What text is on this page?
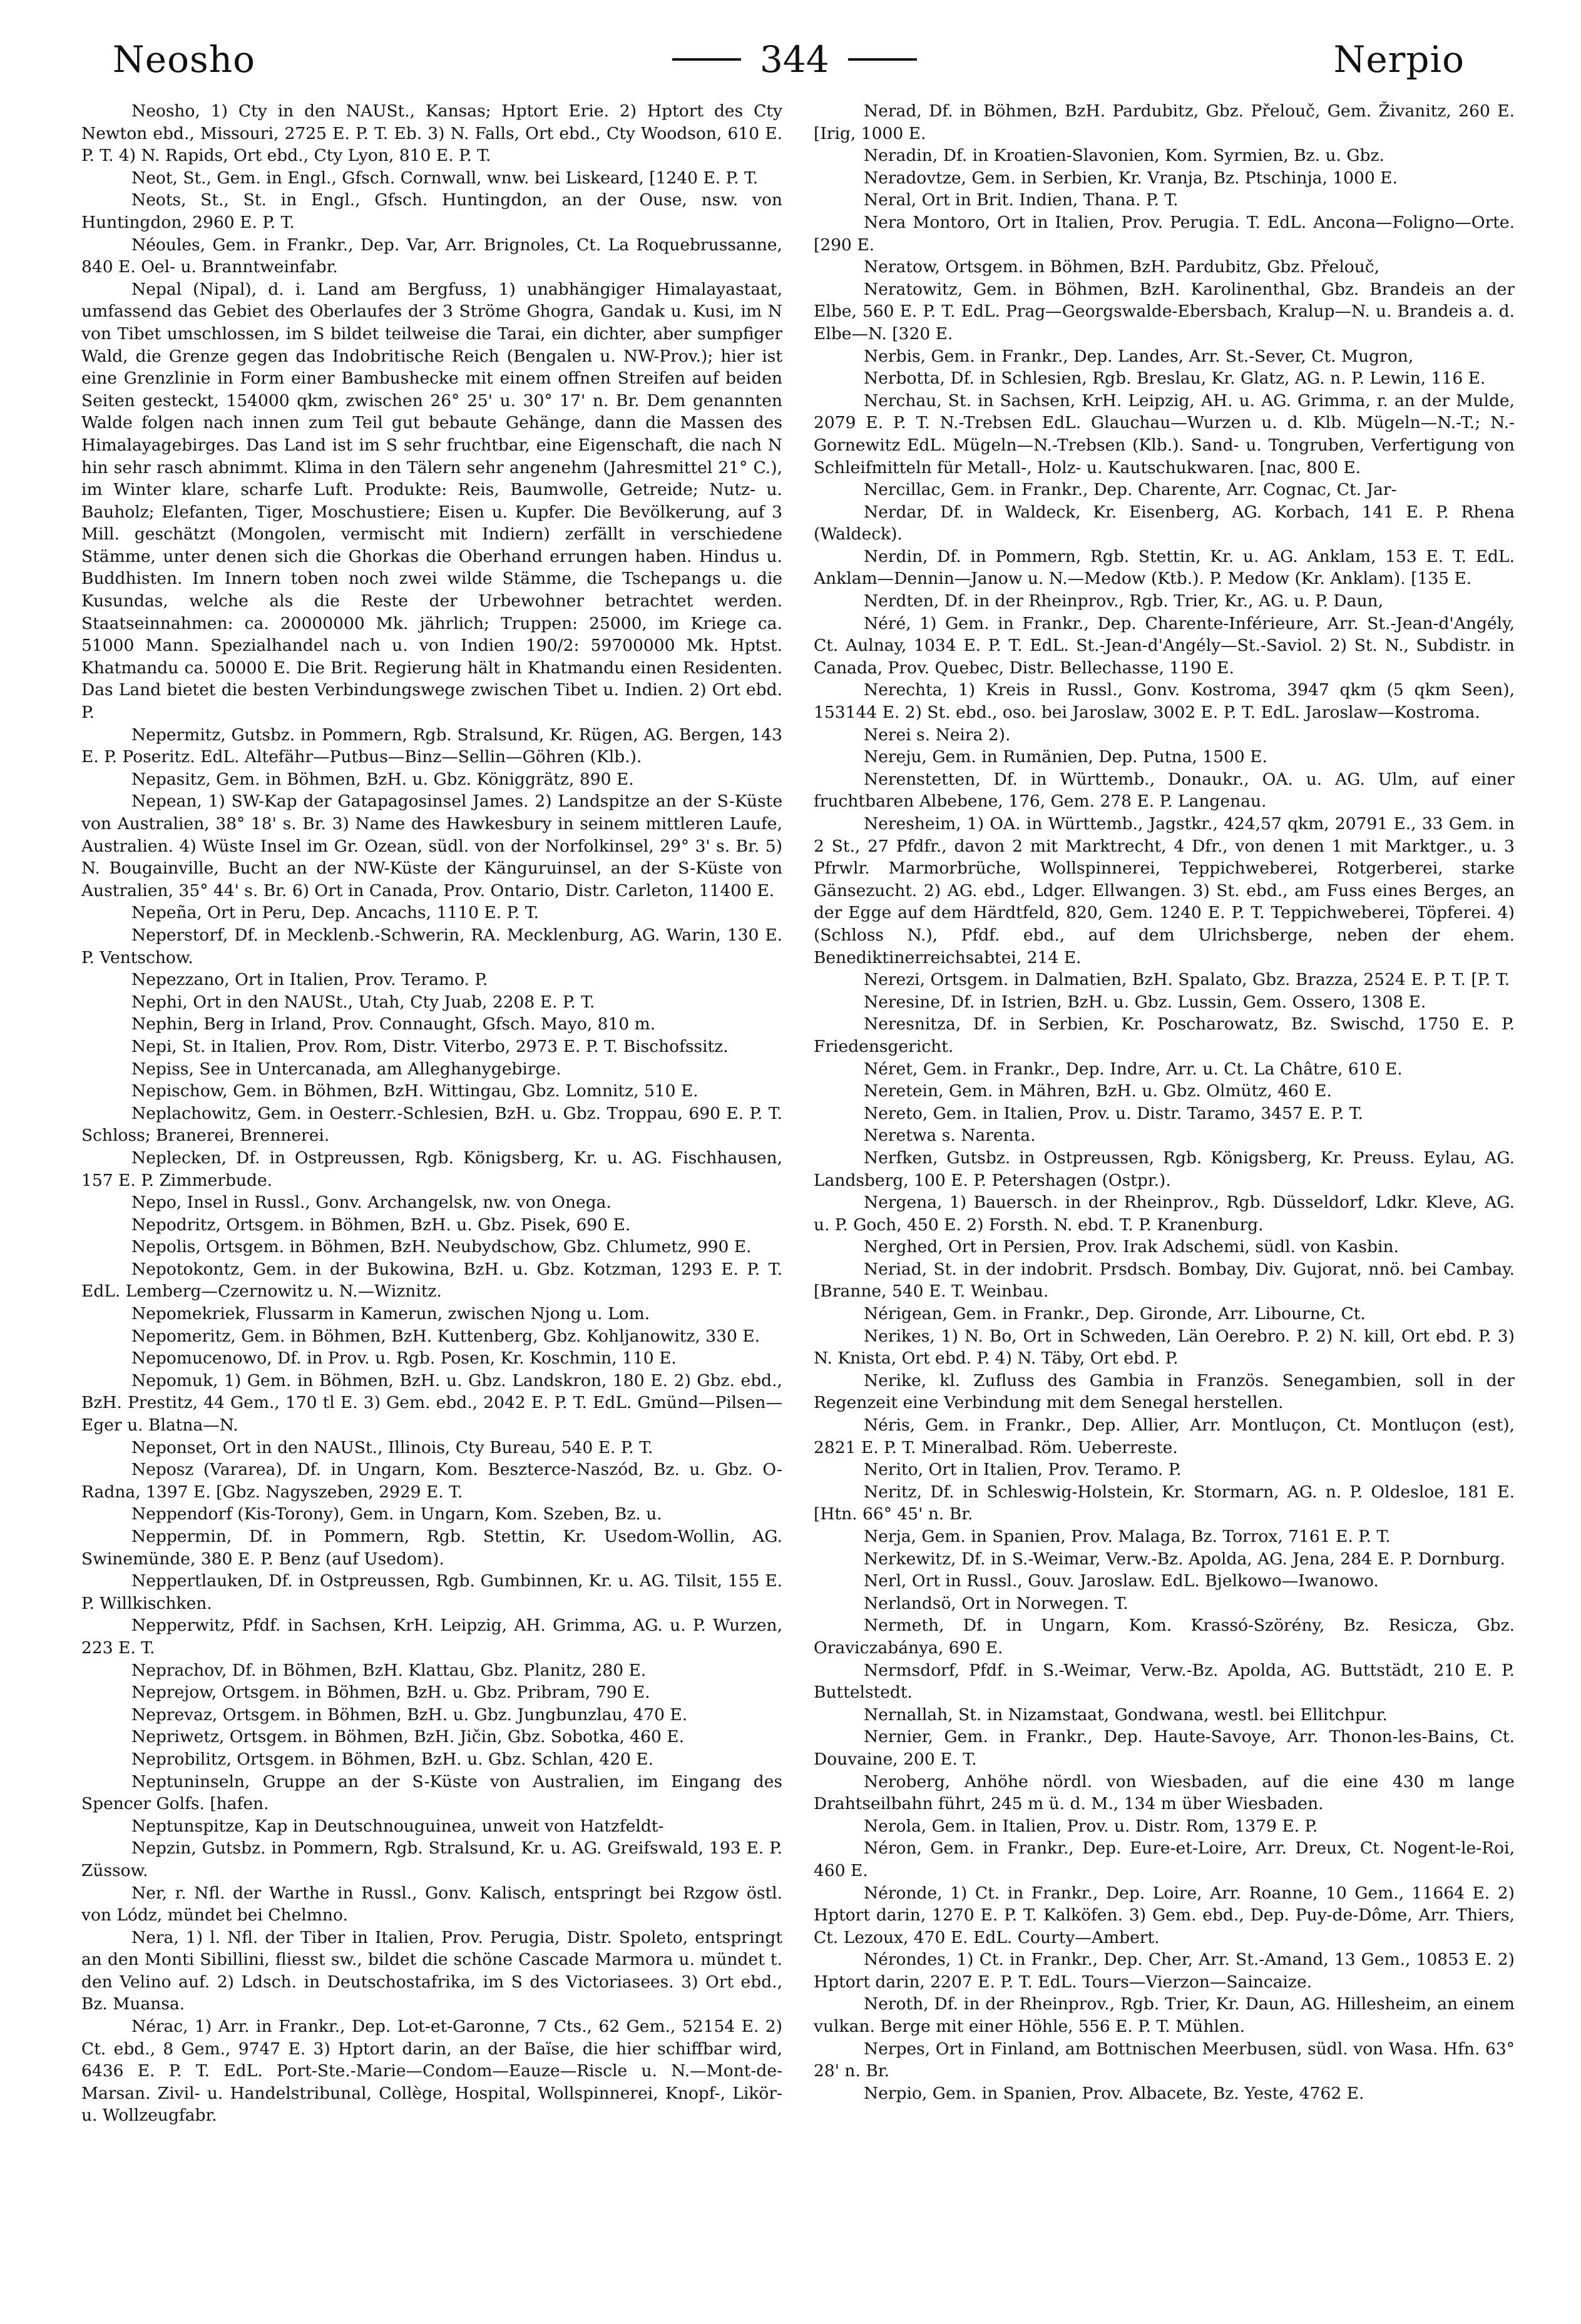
Neosho	344	Nerpio

Neosho, 1) Cty in den NAUSt., Kansas; Hptort Erie. 2) Hptort des Cty Newton ebd., Missouri, 2725 E. P. T. Eb. 3) N. Falls, Ort ebd., Cty Woodson, 610 E. P. T. 4) N. Rapids, Ort ebd., Cty Lyon, 810 E. P. T.

Neot, St., Gem. in Engl., Gfsch. Cornwall, wnw. bei Liskeard, [1240 E. P. T.

Neots, St., St. in Engl., Gfsch. Huntingdon, an der Ouse, nsw. von Huntingdon, 2960 E. P. T.

Néoules, Gem. in Frankr., Dep. Var, Arr. Brignoles, Ct. La Roquebrussanne, 840 E. Oel- u. Branntweinfabr.

Nepal (Nipal), d. i. Land am Bergfuss, 1) unabhängiger Himalayastaat, umfassend das Gebiet des Oberlaufes der 3 Ströme Ghogra, Gandak u. Kusi, im N von Tibet umschlossen, im S bildet teilweise die Tarai, ein dichter, aber sumpfiger Wald, die Grenze gegen das Indobritische Reich (Bengalen u. NW-Prov.); hier ist eine Grenzlinie in Form einer Bambushecke mit einem offnen Streifen auf beiden Seiten gesteckt, 154000 qkm, zwischen 26° 25' u. 30° 17' n. Br. Dem genannten Walde folgen nach innen zum Teil gut bebaute Gehänge, dann die Massen des Himalayagebirges. Das Land ist im S sehr fruchtbar, eine Eigenschaft, die nach N hin sehr rasch abnimmt. Klima in den Tälern sehr angenehm (Jahresmittel 21° C.), im Winter klare, scharfe Luft. Produkte: Reis, Baumwolle, Getreide; Nutz- u. Bauholz; Elefanten, Tiger, Moschustiere; Eisen u. Kupfer. Die Bevölkerung, auf 3 Mill. geschätzt (Mongolen, vermischt mit Indiern) zerfällt in verschiedene Stämme, unter denen sich die Ghorkas die Oberhand errungen haben. Hindus u. Buddhisten. Im Innern toben noch zwei wilde Stämme, die Tschepangs u. die Kusundas, welche als die Reste der Urbewohner betrachtet werden. Staatseinnahmen: ca. 20000000 Mk. jährlich; Truppen: 25000, im Kriege ca. 51000 Mann. Spezialhandel nach u. von Indien 190/2: 59700000 Mk. Hptst. Khatmandu ca. 50000 E. Die Brit. Regierung hält in Khatmandu einen Residenten. Das Land bietet die besten Verbindungswege zwischen Tibet u. Indien. 2) Ort ebd. P.

Nepermitz, Gutsbz. in Pommern, Rgb. Stralsund, Kr. Rügen, AG. Bergen, 143 E. P. Poseritz. EdL. Altefähr—Putbus—Binz—Sellin—Göhren (Klb.).

Nepasitz, Gem. in Böhmen, BzH. u. Gbz. Königgrätz, 890 E.

Nepean, 1) SW-Kap der Gatapagosinsel James. 2) Landspitze an der S-Küste von Australien, 38° 18' s. Br. 3) Name des Hawkesbury in seinem mittleren Laufe, Australien. 4) Wüste Insel im Gr. Ozean, südl. von der Norfolkinsel, 29° 3' s. Br. 5) N. Bougainville, Bucht an der NW-Küste der Känguruinsel, an der S-Küste von Australien, 35° 44' s. Br. 6) Ort in Canada, Prov. Ontario, Distr. Carleton, 11400 E.

Nepeña, Ort in Peru, Dep. Ancachs, 1110 E. P. T.

Neperstorf, Df. in Mecklenb.-Schwerin, RA. Mecklenburg, AG. Warin, 130 E. P. Ventschow.

Nepezzano, Ort in Italien, Prov. Teramo. P.

Nephi, Ort in den NAUSt., Utah, Cty Juab, 2208 E. P. T.

Nephin, Berg in Irland, Prov. Connaught, Gfsch. Mayo, 810 m.

Nepi, St. in Italien, Prov. Rom, Distr. Viterbo, 2973 E. P. T. Bischofssitz.

Nepiss, See in Untercanada, am Alleghanygebirge.

Nepischow, Gem. in Böhmen, BzH. Wittingau, Gbz. Lomnitz, 510 E.

Neplachowitz, Gem. in Oesterr.-Schlesien, BzH. u. Gbz. Troppau, 690 E. P. T. Schloss; Branerei, Brennerei.

Neplecken, Df. in Ostpreussen, Rgb. Königsberg, Kr. u. AG. Fischhausen, 157 E. P. Zimmerbude.

Nepo, Insel in Russl., Gonv. Archangelsk, nw. von Onega.

Nepodritz, Ortsgem. in Böhmen, BzH. u. Gbz. Pisek, 690 E.

Nepolis, Ortsgem. in Böhmen, BzH. Neubydschow, Gbz. Chlumetz, 990 E.

Nepotokontz, Gem. in der Bukowina, BzH. u. Gbz. Kotzman, 1293 E. P. T. EdL. Lemberg—Czernowitz u. N.—Wiznitz.

Nepomekriek, Flussarm in Kamerun, zwischen Njong u. Lom.

Nepomeritz, Gem. in Böhmen, BzH. Kuttenberg, Gbz. Kohljanowitz, 330 E.

Nepomucenowo, Df. in Prov. u. Rgb. Posen, Kr. Koschmin, 110 E.

Nepomuk, 1) Gem. in Böhmen, BzH. u. Gbz. Landskron, 180 E. 2) Gbz. ebd., BzH. Prestitz, 44 Gem., 170 tl E. 3) Gem. ebd., 2042 E. P. T. EdL. Gmünd—Pilsen—Eger u. Blatna—N.

Neponset, Ort in den NAUSt., Illinois, Cty Bureau, 540 E. P. T.

Neposz (Vararea), Df. in Ungarn, Kom. Beszterce-Naszód, Bz. u. Gbz. O-Radna, 1397 E. [Gbz. Nagyszeben, 2929 E. T.

Neppendorf (Kis-Torony), Gem. in Ungarn, Kom. Szeben, Bz. u.

Neppermin, Df. in Pommern, Rgb. Stettin, Kr. Usedom-Wollin, AG. Swinemünde, 380 E. P. Benz (auf Usedom).

Neppertlauken, Df. in Ostpreussen, Rgb. Gumbinnen, Kr. u. AG. Tilsit, 155 E. P. Willkischken.

Nepperwitz, Pfdf. in Sachsen, KrH. Leipzig, AH. Grimma, AG. u. P. Wurzen, 223 E. T.

Neprachov, Df. in Böhmen, BzH. Klattau, Gbz. Planitz, 280 E.

Neprejow, Ortsgem. in Böhmen, BzH. u. Gbz. Pribram, 790 E.

Neprevaz, Ortsgem. in Böhmen, BzH. u. Gbz. Jungbunzlau, 470 E.

Nepriwetz, Ortsgem. in Böhmen, BzH. Jičin, Gbz. Sobotka, 460 E.

Neprobilitz, Ortsgem. in Böhmen, BzH. u. Gbz. Schlan, 420 E.

Neptuninseln, Gruppe an der S-Küste von Australien, im Eingang des Spencer Golfs. [hafen.

Neptunspitze, Kap in Deutschnouguinea, unweit von Hatzfeldt-

Nepzin, Gutsbz. in Pommern, Rgb. Stralsund, Kr. u. AG. Greifswald, 193 E. P. Züssow.

Ner, r. Nfl. der Warthe in Russl., Gonv. Kalisch, entspringt bei Rzgow östl. von Lódz, mündet bei Chelmno.

Nera, 1) l. Nfl. der Tiber in Italien, Prov. Perugia, Distr. Spoleto, entspringt an den Monti Sibillini, fliesst sw., bildet die schöne Cascade Marmora u. mündet t. den Velino auf. 2) Ldsch. in Deutschostafrika, im S des Victoriasees. 3) Ort ebd., Bz. Muansa.

Nérac, 1) Arr. in Frankr., Dep. Lot-et-Garonne, 7 Cts., 62 Gem., 52154 E. 2) Ct. ebd., 8 Gem., 9747 E. 3) Hptort darin, an der Baïse, die hier schiffbar wird, 6436 E. P. T. EdL. Port-Ste.-Marie—Condom—Eauze—Riscle u. N.—Mont-de-Marsan. Zivil- u. Handelstribunal, Collège, Hospital, Wollspinnerei, Knopf-, Likör- u. Wollzeugfabr.

Nerad, Df. in Böhmen, BzH. Pardubitz, Gbz. Přelouč, Gem. Živanitz, 260 E. [Irig, 1000 E.

Neradin, Df. in Kroatien-Slavonien, Kom. Syrmien, Bz. u. Gbz.

Neradovtze, Gem. in Serbien, Kr. Vranja, Bz. Ptschinja, 1000 E.

Neral, Ort in Brit. Indien, Thana. P. T.

Nera Montoro, Ort in Italien, Prov. Perugia. T. EdL. Ancona—Foligno—Orte. [290 E.

Neratow, Ortsgem. in Böhmen, BzH. Pardubitz, Gbz. Přelouč,

Neratowitz, Gem. in Böhmen, BzH. Karolinenthal, Gbz. Brandeis an der Elbe, 560 E. P. T. EdL. Prag—Georgswalde-Ebersbach, Kralup—N. u. Brandeis a. d. Elbe—N. [320 E.

Nerbis, Gem. in Frankr., Dep. Landes, Arr. St.-Sever, Ct. Mugron,

Nerbotta, Df. in Schlesien, Rgb. Breslau, Kr. Glatz, AG. n. P. Lewin, 116 E.

Nerchau, St. in Sachsen, KrH. Leipzig, AH. u. AG. Grimma, r. an der Mulde, 2079 E. P. T. N.-Trebsen EdL. Glauchau—Wurzen u. d. Klb. Mügeln—N.-T.; N.-Gornewitz EdL. Mügeln—N.-Trebsen (Klb.). Sand- u. Tongruben, Verfertigung von Schleifmitteln für Metall-, Holz- u. Kautschukwaren. [nac, 800 E.

Nercillac, Gem. in Frankr., Dep. Charente, Arr. Cognac, Ct. Jar-

Nerdar, Df. in Waldeck, Kr. Eisenberg, AG. Korbach, 141 E. P. Rhena (Waldeck).

Nerdin, Df. in Pommern, Rgb. Stettin, Kr. u. AG. Anklam, 153 E. T. EdL. Anklam—Dennin—Janow u. N.—Medow (Ktb.). P. Medow (Kr. Anklam). [135 E.

Nerdten, Df. in der Rheinprov., Rgb. Trier, Kr., AG. u. P. Daun,

Néré, 1) Gem. in Frankr., Dep. Charente-Inférieure, Arr. St.-Jean-d'Angély, Ct. Aulnay, 1034 E. P. T. EdL. St.-Jean-d'Angély—St.-Saviol. 2) St. N., Subdistr. in Canada, Prov. Quebec, Distr. Bellechasse, 1190 E.

Nerechta, 1) Kreis in Russl., Gonv. Kostroma, 3947 qkm (5 qkm Seen), 153144 E. 2) St. ebd., oso. bei Jaroslaw, 3002 E. P. T. EdL. Jaroslaw—Kostroma.

Nerei s. Neira 2).

Nereju, Gem. in Rumänien, Dep. Putna, 1500 E.

Nerenstetten, Df. in Württemb., Donaukr., OA. u. AG. Ulm, auf einer fruchtbaren Albebene, 176, Gem. 278 E. P. Langenau.

Neresheim, 1) OA. in Württemb., Jagstkr., 424,57 qkm, 20791 E., 33 Gem. in 2 St., 27 Pfdfr., davon 2 mit Marktrecht, 4 Dfr., von denen 1 mit Marktger., u. 3 Pfrwlr. Marmorbrüche, Wollspinnerei, Teppichweberei, Rotgerberei, starke Gänsezucht. 2) AG. ebd., Ldger. Ellwangen. 3) St. ebd., am Fuss eines Berges, an der Egge auf dem Härdtfeld, 820, Gem. 1240 E. P. T. Teppichweberei, Töpferei. 4) (Schloss N.), Pfdf. ebd., auf dem Ulrichsberge, neben der ehem. Benediktinerreichsabtei, 214 E.

Nerezi, Ortsgem. in Dalmatien, BzH. Spalato, Gbz. Brazza, 2524 E. P. T. [P. T.

Neresine, Df. in Istrien, BzH. u. Gbz. Lussin, Gem. Ossero, 1308 E.

Neresnitza, Df. in Serbien, Kr. Poscharowatz, Bz. Swischd, 1750 E. P. Friedensgericht.

Néret, Gem. in Frankr., Dep. Indre, Arr. u. Ct. La Châtre, 610 E.

Neretein, Gem. in Mähren, BzH. u. Gbz. Olmütz, 460 E.

Nereto, Gem. in Italien, Prov. u. Distr. Taramo, 3457 E. P. T.

Neretwa s. Narenta.

Nerfken, Gutsbz. in Ostpreussen, Rgb. Königsberg, Kr. Preuss. Eylau, AG. Landsberg, 100 E. P. Petershagen (Ostpr.).

Nergena, 1) Bauersch. in der Rheinprov., Rgb. Düsseldorf, Ldkr. Kleve, AG. u. P. Goch, 450 E. 2) Forsth. N. ebd. T. P. Kranenburg.

Nerghed, Ort in Persien, Prov. Irak Adschemi, südl. von Kasbin.

Neriad, St. in der indobrit. Prsdsch. Bombay, Div. Gujorat, nnö. bei Cambay. [Branne, 540 E. T. Weinbau.

Nérigean, Gem. in Frankr., Dep. Gironde, Arr. Libourne, Ct.

Nerikes, 1) N. Bo, Ort in Schweden, Län Oerebro. P. 2) N. kill, Ort ebd. P. 3) N. Knista, Ort ebd. P. 4) N. Täby, Ort ebd. P.

Nerike, kl. Zufluss des Gambia in Französ. Senegambien, soll in der Regenzeit eine Verbindung mit dem Senegal herstellen.

Néris, Gem. in Frankr., Dep. Allier, Arr. Montluçon, Ct. Montluçon (est), 2821 E. P. T. Mineralbad. Röm. Ueberreste.

Nerito, Ort in Italien, Prov. Teramo. P.

Neritz, Df. in Schleswig-Holstein, Kr. Stormarn, AG. n. P. Oldesloe, 181 E. [Htn. 66° 45' n. Br.

Nerja, Gem. in Spanien, Prov. Malaga, Bz. Torrox, 7161 E. P. T.

Nerkewitz, Df. in S.-Weimar, Verw.-Bz. Apolda, AG. Jena, 284 E. P. Dornburg.

Nerl, Ort in Russl., Gouv. Jaroslaw. EdL. Bjelkowo—Iwanowo.

Nerlandsö, Ort in Norwegen. T.

Nermeth, Df. in Ungarn, Kom. Krassó-Szörény, Bz. Resicza, Gbz. Oraviczabánya, 690 E.

Nermsdorf, Pfdf. in S.-Weimar, Verw.-Bz. Apolda, AG. Buttstädt, 210 E. P. Buttelstedt.

Nernallah, St. in Nizamstaat, Gondwana, westl. bei Ellitchpur.

Nernier, Gem. in Frankr., Dep. Haute-Savoye, Arr. Thonon-les-Bains, Ct. Douvaine, 200 E. T.

Neroberg, Anhöhe nördl. von Wiesbaden, auf die eine 430 m lange Drahtseilbahn führt, 245 m ü. d. M., 134 m über Wiesbaden.

Nerola, Gem. in Italien, Prov. u. Distr. Rom, 1379 E. P.

Néron, Gem. in Frankr., Dep. Eure-et-Loire, Arr. Dreux, Ct. Nogent-le-Roi, 460 E.

Néronde, 1) Ct. in Frankr., Dep. Loire, Arr. Roanne, 10 Gem., 11664 E. 2) Hptort darin, 1270 E. P. T. Kalköfen. 3) Gem. ebd., Dep. Puy-de-Dôme, Arr. Thiers, Ct. Lezoux, 470 E. EdL. Courty—Ambert.

Nérondes, 1) Ct. in Frankr., Dep. Cher, Arr. St.-Amand, 13 Gem., 10853 E. 2) Hptort darin, 2207 E. P. T. EdL. Tours—Vierzon—Saincaize.

Neroth, Df. in der Rheinprov., Rgb. Trier, Kr. Daun, AG. Hillesheim, an einem vulkan. Berge mit einer Höhle, 556 E. P. T. Mühlen.

Nerpes, Ort in Finland, am Bottnischen Meerbusen, südl. von Wasa. Hfn. 63° 28' n. Br.

Nerpio, Gem. in Spanien, Prov. Albacete, Bz. Yeste, 4762 E.
